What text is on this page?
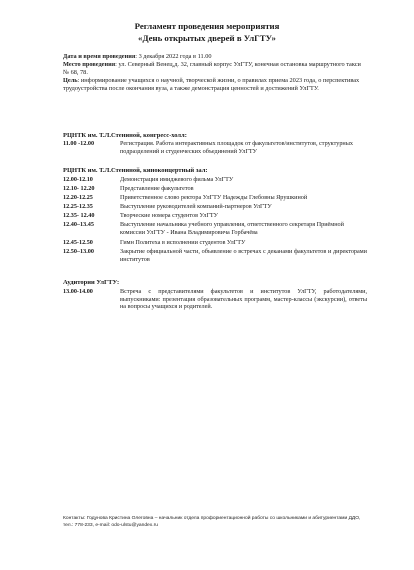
Регламент проведения мероприятия
«День открытых дверей в УлГТУ»
Дата и время проведения: 3 декабря 2022 года в 11.00
Место проведения: ул. Северный Венец,д. 32, главный корпус УлГТУ, конечная остановка маршрутного такси № 68, 78.
Цель: информирование учащихся о научной, творческой жизни, о правилах приема 2023 года, о перспективах трудоустройства после окончания вуза, а также демонстрация ценностей и достижений УлГТУ.
РЦНТК им. Т.Л.Стениной, конгресс-холл:
11.00 -12.00	Регистрация. Работа интерактивных площадок от факультетов/институтов, структурных подразделений и студенческих объединений УлГТУ
РЦНТК им. Т.Л.Стениной, киноконцертный зал:
12.00-12.10	Демонстрация имиджевого фильма УлГТУ
12.10- 12.20	Представление факультетов
12.20-12.25	Приветственное слово ректора УлГТУ Надежды Глебовны Ярушкиной
12.25-12.35	Выступление руководителей компаний-партнеров УлГТУ
12.35- 12.40	Творческие номера студентов УлГТУ
12.40–13.45	Выступление начальника учебного управления, ответственного секретаря Приёмной комиссии УлГТУ - Ивана Владимировича Горбачёва
12.45-12.50	Гимн Политеха в исполнении студентов УлГТУ
12.50–13.00	Закрытие официальной части, объявление о встречах с деканами факультетов и директорами институтов
Аудитории УлГТУ:
13.00-14.00	Встреча с представителями факультетов и институтов УлГТУ, работодателями, выпускниками: презентация образовательных программ, мастер-классы (экскурсии), ответы на вопросы учащихся и родителей.
Контакты: Годунова Кристина Олеговна – начальник отдела профориентационной работы со школьниками и абитуриентами ДДО, тел.: 778-233, e-mail: odo-ulstu@yandex.ru
